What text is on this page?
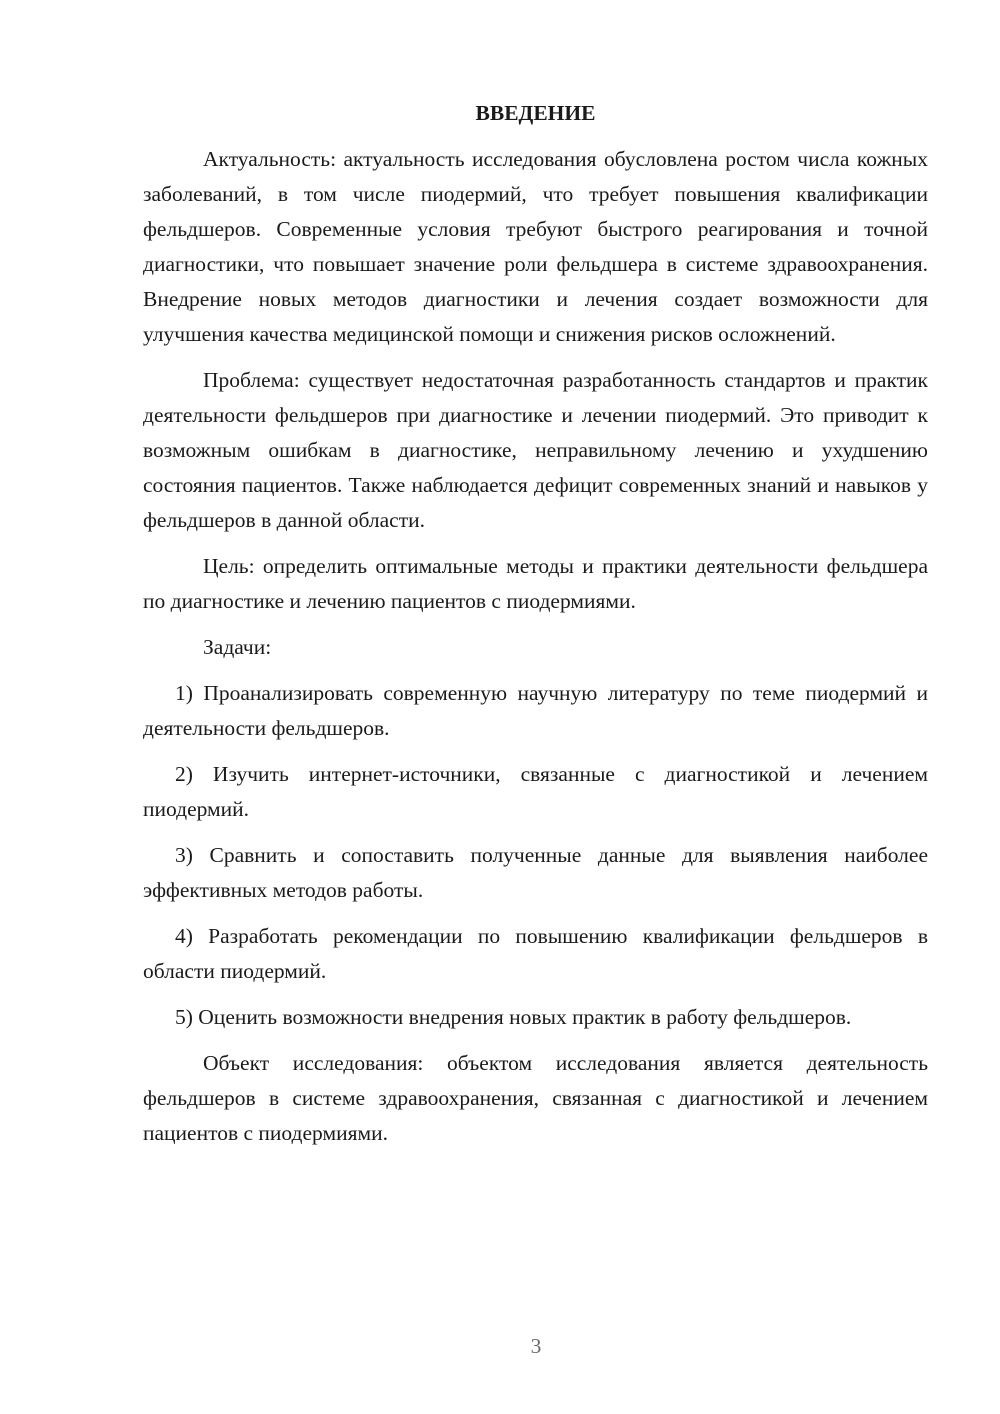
ВВЕДЕНИЕ

Актуальность: актуальность исследования обусловлена ростом числа кожных заболеваний, в том числе пиодермий, что требует повышения квалификации фельдшеров. Современные условия требуют быстрого реагирования и точной диагностики, что повышает значение роли фельдшера в системе здравоохранения. Внедрение новых методов диагностики и лечения создает возможности для улучшения качества медицинской помощи и снижения рисков осложнений.

Проблема: существует недостаточная разработанность стандартов и практик деятельности фельдшеров при диагностике и лечении пиодермий. Это приводит к возможным ошибкам в диагностике, неправильному лечению и ухудшению состояния пациентов. Также наблюдается дефицит современных знаний и навыков у фельдшеров в данной области.

Цель: определить оптимальные методы и практики деятельности фельдшера по диагностике и лечению пациентов с пиодермиями.

Задачи:

1) Проанализировать современную научную литературу по теме пиодермий и деятельности фельдшеров.

2) Изучить интернет-источники, связанные с диагностикой и лечением пиодермий.

3) Сравнить и сопоставить полученные данные для выявления наиболее эффективных методов работы.

4) Разработать рекомендации по повышению квалификации фельдшеров в области пиодермий.

5) Оценить возможности внедрения новых практик в работу фельдшеров.

Объект исследования: объектом исследования является деятельность фельдшеров в системе здравоохранения, связанная с диагностикой и лечением пациентов с пиодермиями.

3
